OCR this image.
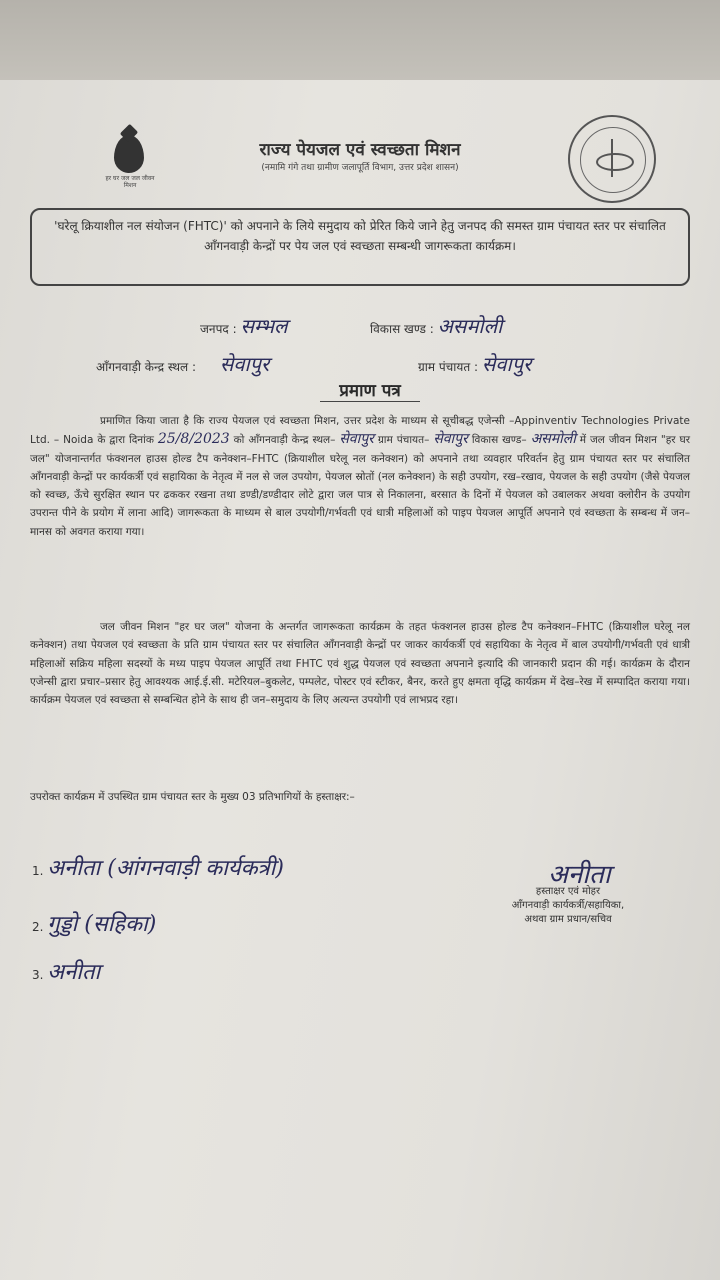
हर घर जल जल जीवन मिशन
राज्य पेयजल एवं स्वच्छता मिशन
(नमामि गंगे तथा ग्रामीण जलापूर्ति विभाग, उत्तर प्रदेश शासन)
'घरेलू क्रियाशील नल संयोजन (FHTC)' को अपनाने के लिये समुदाय को प्रेरित किये जाने हेतु जनपद की समस्त ग्राम पंचायत स्तर पर संचालित आँगनवाड़ी केन्द्रों पर पेय जल एवं स्वच्छता सम्बन्धी जागरूकता कार्यक्रम।
जनपद : सम्भल	विकास खण्ड : असमोली
आँगनवाड़ी केन्द्र स्थल : सेवापुर	ग्राम पंचायत : सेवापुर
प्रमाण पत्र
प्रमाणित किया जाता है कि राज्य पेयजल एवं स्वच्छता मिशन, उत्तर प्रदेश के माध्यम से सूचीबद्ध एजेन्सी –Appinventiv Technologies Private Ltd. – Noida के द्वारा दिनांक 25/8/2023 को आँगनवाड़ी केन्द्र स्थल– सेवापुर ग्राम पंचायत– सेवापुर विकास खण्ड– असमोली में जल जीवन मिशन "हर घर जल" योजनान्तर्गत फंक्शनल हाउस होल्ड टैप कनेक्शन–FHTC (क्रियाशील घरेलू नल कनेक्शन) को अपनाने तथा व्यवहार परिवर्तन हेतु ग्राम पंचायत स्तर पर संचालित आँगनवाड़ी केन्द्रों पर कार्यकर्त्री एवं सहायिका के नेतृत्व में नल से जल उपयोग, पेयजल स्रोतों (नल कनेक्शन) के सही उपयोग, रख–रखाव, पेयजल के सही उपयोग (जैसे पेयजल को स्वच्छ, ऊँचे सुरक्षित स्थान पर ढककर रखना तथा डण्डी/डण्डीदार लोटे द्वारा जल पात्र से निकालना, बरसात के दिनों में पेयजल को उबालकर अथवा क्लोरीन के उपयोग उपरान्त पीने के प्रयोग में लाना आदि) जागरूकता के माध्यम से बाल उपयोगी/गर्भवती एवं धात्री महिलाओं को पाइप पेयजल आपूर्ति अपनाने एवं स्वच्छता के सम्बन्ध में जन–मानस को अवगत कराया गया।
जल जीवन मिशन "हर घर जल" योजना के अन्तर्गत जागरूकता कार्यक्रम के तहत फंक्शनल हाउस होल्ड टैप कनेक्शन–FHTC (क्रियाशील घरेलू नल कनेक्शन) तथा पेयजल एवं स्वच्छता के प्रति ग्राम पंचायत स्तर पर संचालित आँगनवाड़ी केन्द्रों पर जाकर कार्यकर्त्री एवं सहायिका के नेतृत्व में बाल उपयोगी/गर्भवती एवं धात्री महिलाओं सक्रिय महिला सदस्यों के मध्य पाइप पेयजल आपूर्ति तथा FHTC एवं शुद्ध पेयजल एवं स्वच्छता अपनाने इत्यादि की जानकारी प्रदान की गई। कार्यक्रम के दौरान एजेन्सी द्वारा प्रचार–प्रसार हेतु आवश्यक आई.ई.सी. मटेरियल–बुकलेट, पम्पलेट, पोस्टर एवं स्टीकर, बैनर, करते हुए क्षमता वृद्धि कार्यक्रम में देख–रेख में सम्पादित कराया गया। कार्यक्रम पेयजल एवं स्वच्छता से सम्बन्धित होने के साथ ही जन–समुदाय के लिए अत्यन्त उपयोगी एवं लाभप्रद रहा।
उपरोक्त कार्यक्रम में उपस्थित ग्राम पंचायत स्तर के मुख्य 03 प्रतिभागियों के हस्ताक्षर:–
1. अनीता (आंगनवाड़ी कार्यकत्री)
2. गुड्डो (सहिका)
3. अनीता
अनीता
हस्ताक्षर एवं मोहर
आँगनवाड़ी कार्यकर्त्री/सहायिका,
अथवा ग्राम प्रधान/सचिव
